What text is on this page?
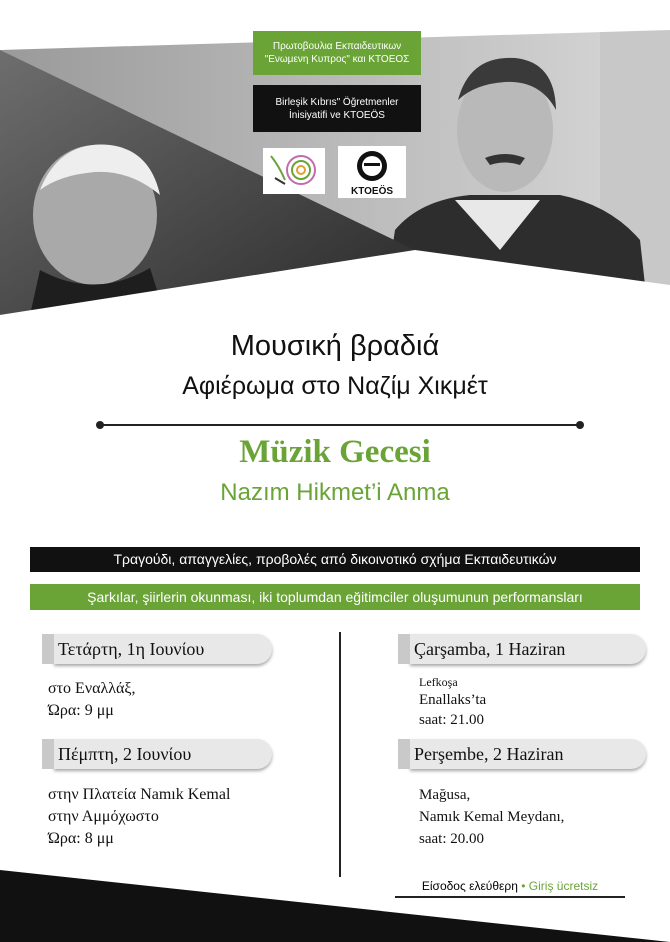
Πρωτοβουλια Εκπαιδευτικων
"Ενωμενη Κυπρος" και ΚΤΟΕΟΣ
Birleşik Kıbrıs" Öğretmenler
İnisiyatifi ve KTOEÖS
KTOEÖS
Μουσική βραδιά
Αφιέρωμα στο Ναζίμ Χικμέτ
Müzik Gecesi
Nazım Hikmet’i Anma
Τραγούδι, απαγγελίες, προβολές από δικοινοτικό σχήμα Εκπαιδευτικών
Şarkılar, şiirlerin okunması, iki toplumdan eğitimciler oluşumunun performansları
Τετάρτη, 1η Ιουνίου
στο Εναλλάξ,
Ώρα: 9 μμ
Πέμπτη, 2 Ιουνίου
στην Πλατεία Namık Kemal
στην Αμμόχωστο
Ώρα: 8 μμ
Çarşamba, 1 Haziran
Lefkoşa
Enallaks’ta
saat: 21.00
Perşembe, 2 Haziran
Mağusa,
Namık Kemal Meydanı,
saat: 20.00
Είσοδος ελεύθερη • Giriş ücretsiz
